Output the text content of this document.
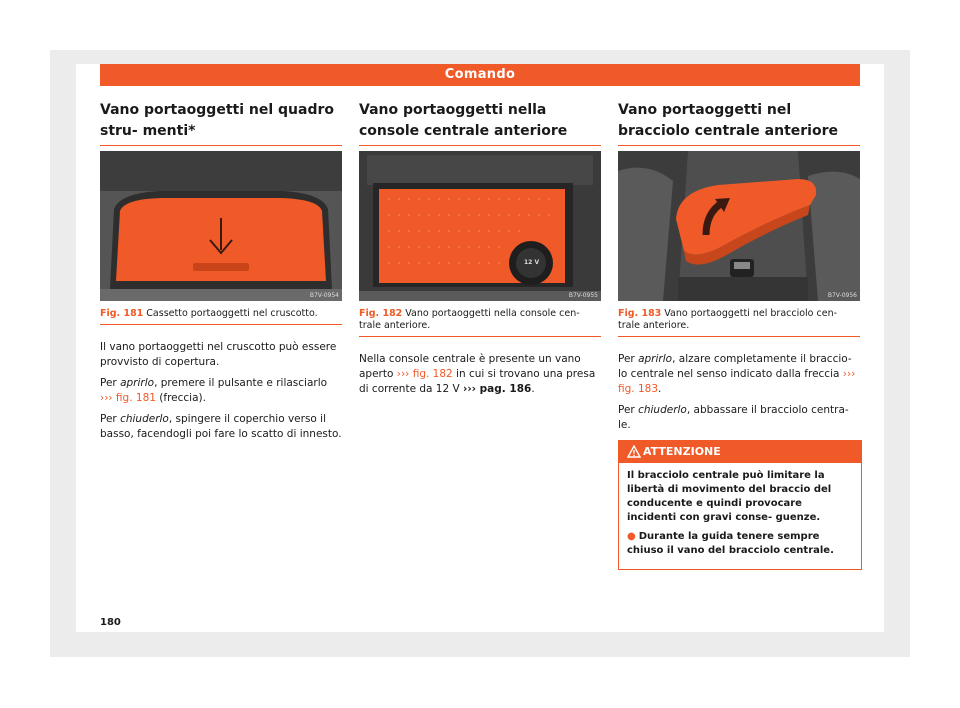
Comando
Vano portaoggetti nel quadro stru- menti*
B7V-0954
Fig. 181 Cassetto portaoggetti nel cruscotto.

Il vano portaoggetti nel cruscotto può essere provvisto di copertura.

Per aprirlo, premere il pulsante e rilasciarlo ››› fig. 181 (freccia).

Per chiuderlo, spingere il coperchio verso il basso, facendogli poi fare lo scatto di innesto.

Vano portaoggetti nella console centrale anteriore
12 V
B7V-0955
Fig. 182 Vano portaoggetti nella console cen- trale anteriore.

Nella console centrale è presente un vano aperto ››› fig. 182 in cui si trovano una presa di corrente da 12 V ››› pag. 186.

Vano portaoggetti nel bracciolo centrale anteriore
B7V-0956
Fig. 183 Vano portaoggetti nel bracciolo cen- trale anteriore.

Per aprirlo, alzare completamente il braccio- lo centrale nel senso indicato dalla freccia ››› fig. 183.

Per chiuderlo, abbassare il bracciolo centra- le.

ATTENZIONE

Il bracciolo centrale può limitare la libertà di movimento del braccio del conducente e quindi provocare incidenti con gravi conse- guenze.

● Durante la guida tenere sempre chiuso il vano del bracciolo centrale.

180
